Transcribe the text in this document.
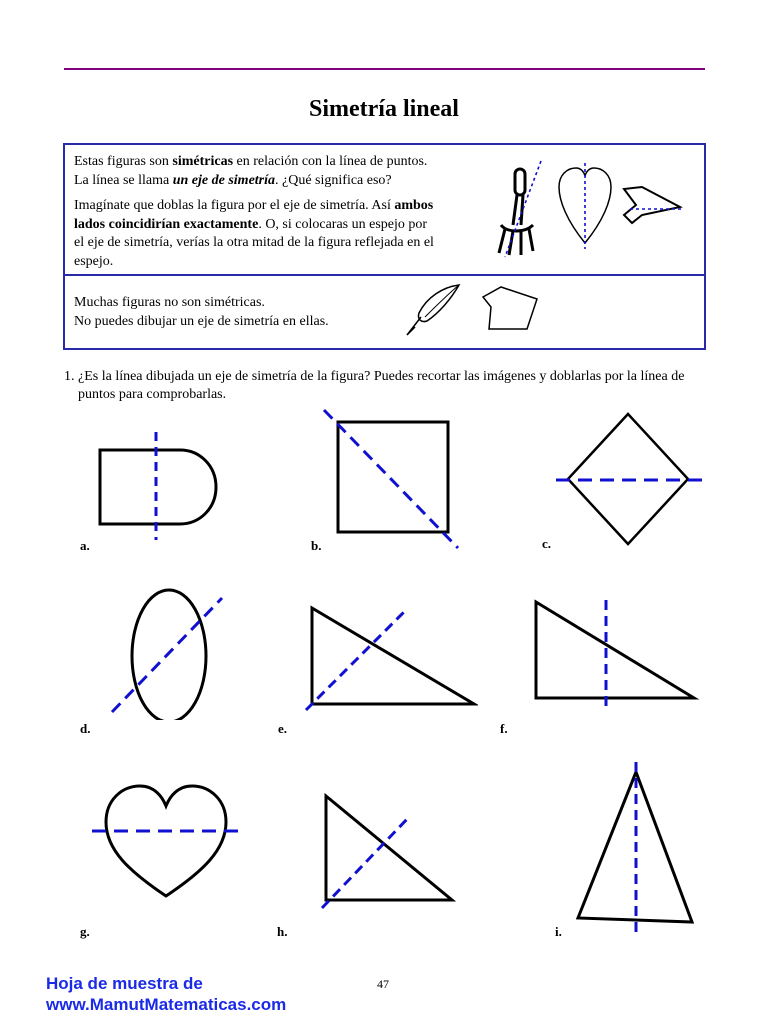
Simetría lineal

Estas figuras son simétricas en relación con la línea de puntos.
La línea se llama un eje de simetría. ¿Qué significa eso?

Imagínate que doblas la figura por el eje de simetría. Así ambos lados coincidirían exactamente. O, si colocaras un espejo por el eje de simetría, verías la otra mitad de la figura reflejada en el espejo.

Muchas figuras no son simétricas.
No puedes dibujar un eje de simetría en ellas.

1. ¿Es la línea dibujada un eje de simetría de la figura? Puedes recortar las imágenes y doblarlas por la línea de puntos para comprobarlas.
a.	b.	c.
d.	e.	f.
g.	h.	i.
Hoja de muestra de
www.MamutMatematicas.com
47
